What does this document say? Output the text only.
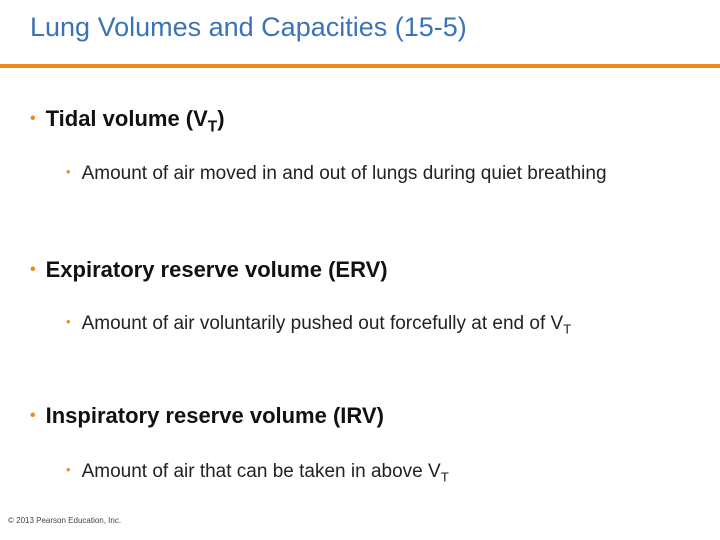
Lung Volumes and Capacities (15-5)
• Tidal volume $(V_T)$
• Amount of air moved in and out of lungs during quiet breathing
• Expiratory reserve volume (ERV)
• Amount of air voluntarily pushed out forcefully at end of $V_T$
• Inspiratory reserve volume (IRV)
• Amount of air that can be taken in above $V_T$
© 2013 Pearson Education, Inc.
